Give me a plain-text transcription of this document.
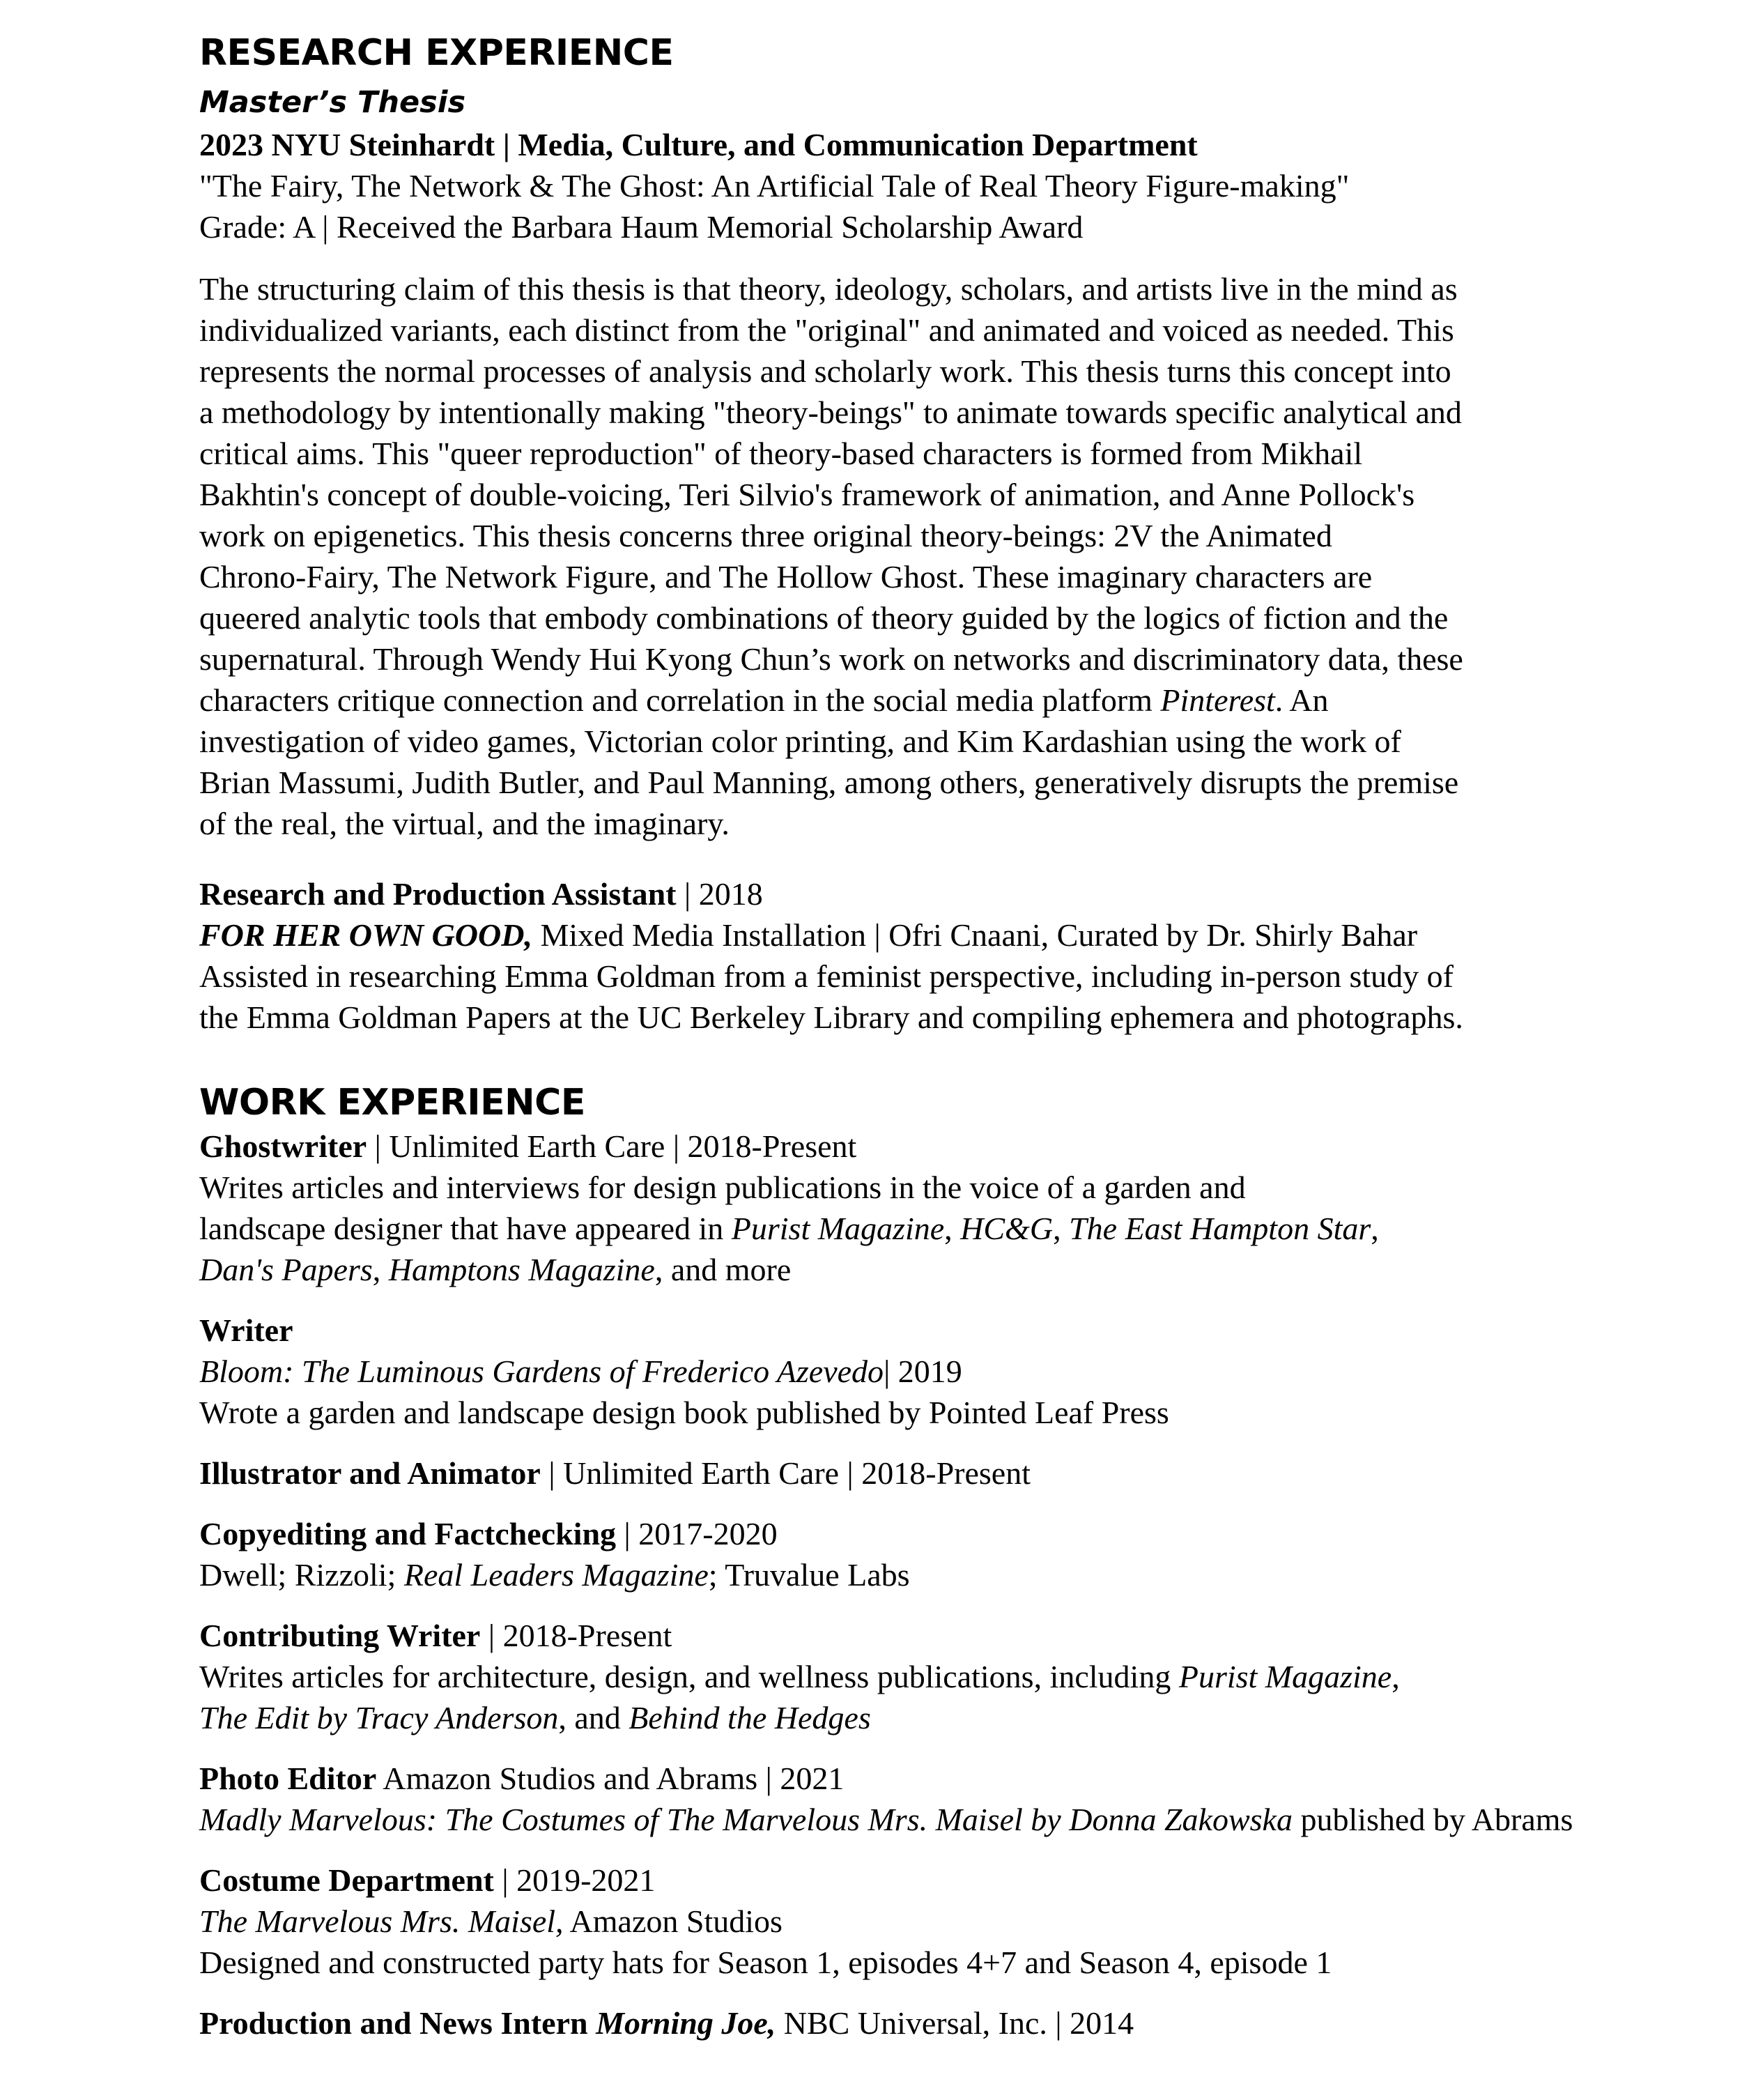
RESEARCH EXPERIENCE
Master’s Thesis
2023 NYU Steinhardt | Media, Culture, and Communication Department
"The Fairy, The Network & The Ghost: An Artificial Tale of Real Theory Figure-making"
Grade: A | Received the Barbara Haum Memorial Scholarship Award
The structuring claim of this thesis is that theory, ideology, scholars, and artists live in the mind as
individualized variants, each distinct from the "original" and animated and voiced as needed. This
represents the normal processes of analysis and scholarly work. This thesis turns this concept into
a methodology by intentionally making "theory-beings" to animate towards specific analytical and
critical aims. This "queer reproduction" of theory-based characters is formed from Mikhail
Bakhtin's concept of double-voicing, Teri Silvio's framework of animation, and Anne Pollock's
work on epigenetics. This thesis concerns three original theory-beings: 2V the Animated
Chrono-Fairy, The Network Figure, and The Hollow Ghost. These imaginary characters are
queered analytic tools that embody combinations of theory guided by the logics of fiction and the
supernatural. Through Wendy Hui Kyong Chun’s work on networks and discriminatory data, these
characters critique connection and correlation in the social media platform Pinterest. An
investigation of video games, Victorian color printing, and Kim Kardashian using the work of
Brian Massumi, Judith Butler, and Paul Manning, among others, generatively disrupts the premise
of the real, the virtual, and the imaginary.
Research and Production Assistant | 2018
FOR HER OWN GOOD, Mixed Media Installation | Ofri Cnaani, Curated by Dr. Shirly Bahar
Assisted in researching Emma Goldman from a feminist perspective, including in-person study of
the Emma Goldman Papers at the UC Berkeley Library and compiling ephemera and photographs.
WORK EXPERIENCE
Ghostwriter | Unlimited Earth Care | 2018-Present
Writes articles and interviews for design publications in the voice of a garden and
landscape designer that have appeared in Purist Magazine, HC&G, The East Hampton Star,
Dan's Papers, Hamptons Magazine, and more
Writer
Bloom: The Luminous Gardens of Frederico Azevedo| 2019
Wrote a garden and landscape design book published by Pointed Leaf Press
Illustrator and Animator | Unlimited Earth Care | 2018-Present
Copyediting and Factchecking | 2017-2020
Dwell; Rizzoli; Real Leaders Magazine; Truvalue Labs
Contributing Writer | 2018-Present
Writes articles for architecture, design, and wellness publications, including Purist Magazine,
The Edit by Tracy Anderson, and Behind the Hedges
Photo Editor Amazon Studios and Abrams | 2021
Madly Marvelous: The Costumes of The Marvelous Mrs. Maisel by Donna Zakowska published by Abrams
Costume Department | 2019-2021
The Marvelous Mrs. Maisel, Amazon Studios
Designed and constructed party hats for Season 1, episodes 4+7 and Season 4, episode 1
Production and News Intern Morning Joe, NBC Universal, Inc. | 2014
